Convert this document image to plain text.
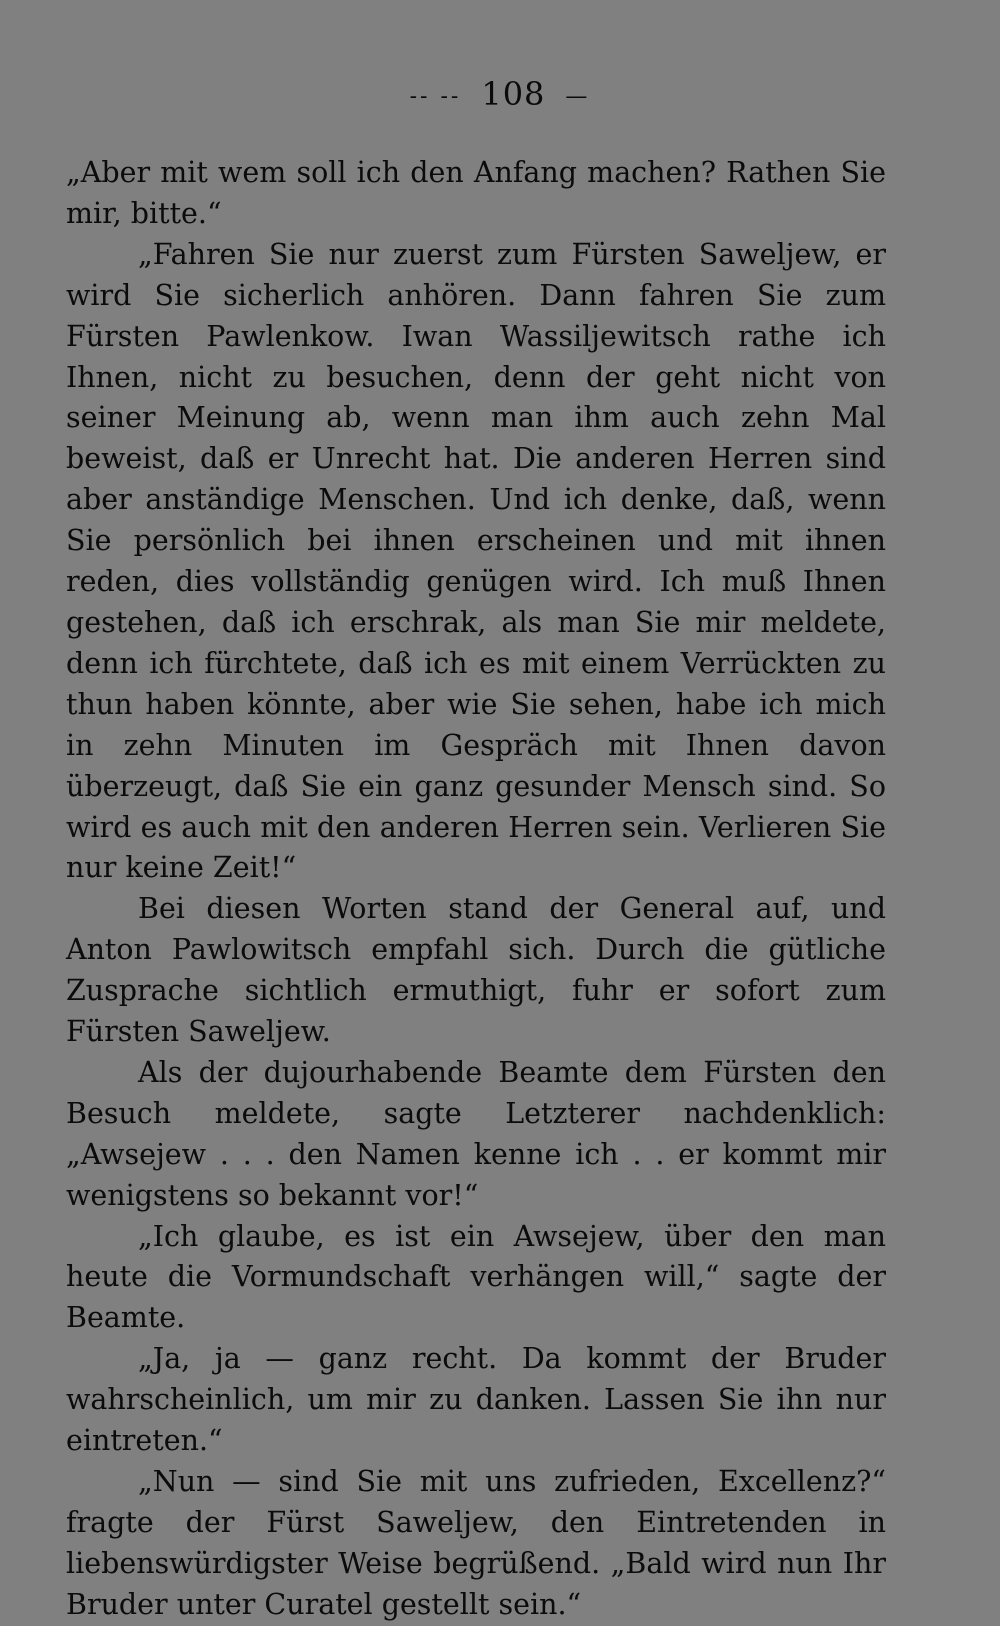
-- -- 108 —

„Aber mit wem soll ich den Anfang machen? Rathen Sie mir, bitte.“

„Fahren Sie nur zuerst zum Fürsten Saweljew, er wird Sie sicherlich anhören. Dann fahren Sie zum Fürsten Pawlenkow. Iwan Wassiljewitsch rathe ich Ihnen, nicht zu besuchen, denn der geht nicht von seiner Meinung ab, wenn man ihm auch zehn Mal beweist, daß er Unrecht hat. Die anderen Herren sind aber anständige Menschen. Und ich denke, daß, wenn Sie persönlich bei ihnen erscheinen und mit ihnen reden, dies vollständig genügen wird. Ich muß Ihnen gestehen, daß ich erschrak, als man Sie mir meldete, denn ich fürchtete, daß ich es mit einem Verrückten zu thun haben könnte, aber wie Sie sehen, habe ich mich in zehn Minuten im Gespräch mit Ihnen davon überzeugt, daß Sie ein ganz gesunder Mensch sind. So wird es auch mit den anderen Herren sein. Verlieren Sie nur keine Zeit!“

Bei diesen Worten stand der General auf, und Anton Pawlowitsch empfahl sich. Durch die gütliche Zusprache sichtlich ermuthigt, fuhr er sofort zum Fürsten Saweljew.

Als der dujourhabende Beamte dem Fürsten den Besuch meldete, sagte Letzterer nachdenklich: „Awsejew . . . den Namen kenne ich . . er kommt mir wenigstens so bekannt vor!“

„Ich glaube, es ist ein Awsejew, über den man heute die Vormundschaft verhängen will,“ sagte der Beamte.

„Ja, ja — ganz recht. Da kommt der Bruder wahrscheinlich, um mir zu danken. Lassen Sie ihn nur eintreten.“

„Nun — sind Sie mit uns zufrieden, Excellenz?“ fragte der Fürst Saweljew, den Eintretenden in liebenswürdigster Weise begrüßend. „Bald wird nun Ihr Bruder unter Curatel gestellt sein.“
